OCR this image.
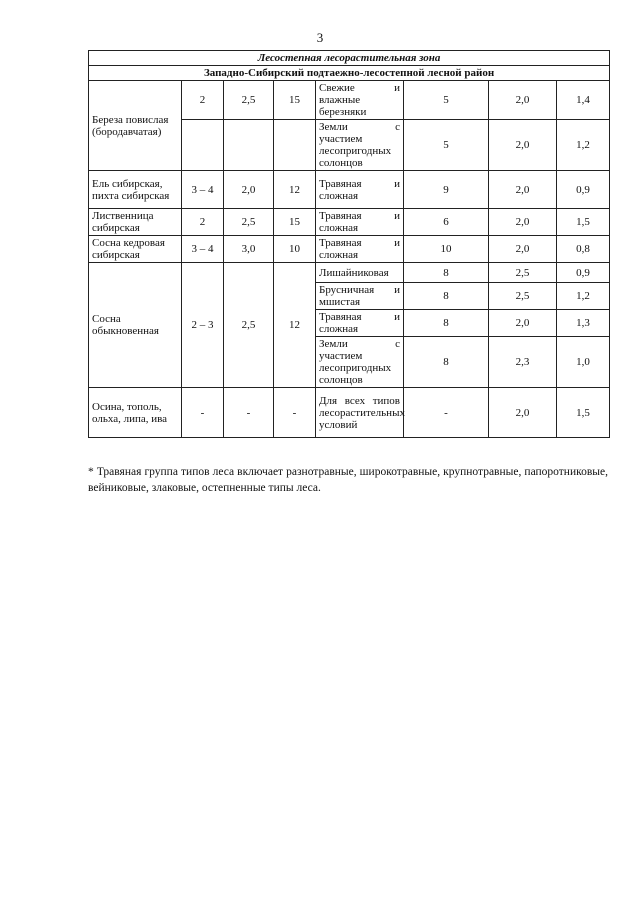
3
Лесостепная лесорастительная зона							
Западно-Сибирский подтаежно-лесостепной лесной район							
Береза повислая (бородавчатая)	2	2,5	15	Свежие и влажные березняки	5	2,0	1,4
				Земли с участием лесопригодных солонцов	5	2,0	1,2
Ель сибирская, пихта сибирская	3 – 4	2,0	12	Травяная и сложная	9	2,0	0,9
Лиственница сибирская	2	2,5	15	Травяная и сложная	6	2,0	1,5
Сосна кедровая сибирская	3 – 4	3,0	10	Травяная и сложная	10	2,0	0,8
Сосна обыкновенная	2 – 3	2,5	12	Лишайниковая	8	2,5	0,9
				Брусничная и мшистая	8	2,5	1,2
				Травяная и сложная	8	2,0	1,3
				Земли с участием лесопригодных солонцов	8	2,3	1,0
Осина, тополь, ольха, липа, ива	-	-	-	Для всех типов лесорастительных условий	-	2,0	1,5
* Травяная группа типов леса включает разнотравные, широкотравные, крупнотравные, папоротниковые, вейниковые, злаковые, остепненные типы леса.
